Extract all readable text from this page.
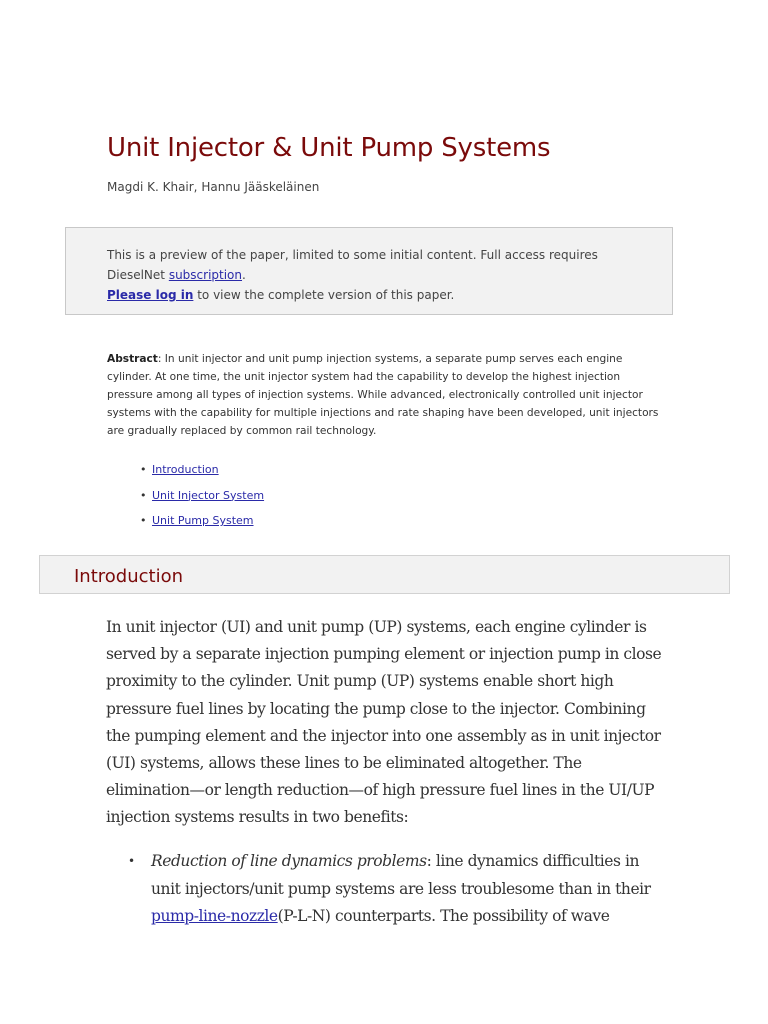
Unit Injector & Unit Pump Systems
Magdi K. Khair, Hannu Jääskeläinen
This is a preview of the paper, limited to some initial content. Full access requires
DieselNet subscription.
Please log in to view the complete version of this paper.

Abstract: In unit injector and unit pump injection systems, a separate pump serves each engine cylinder. At one time, the unit injector system had the capability to develop the highest injection pressure among all types of injection systems. While advanced, electronically controlled unit injector systems with the capability for multiple injections and rate shaping have been developed, unit injectors are gradually replaced by common rail technology.

• Introduction
• Unit Injector System
• Unit Pump System
Introduction

In unit injector (UI) and unit pump (UP) systems, each engine cylinder is served by a separate injection pumping element or injection pump in close proximity to the cylinder. Unit pump (UP) systems enable short high pressure fuel lines by locating the pump close to the injector. Combining the pumping element and the injector into one assembly as in unit injector (UI) systems, allows these lines to be eliminated altogether. The elimination—or length reduction—of high pressure fuel lines in the UI/UP injection systems results in two benefits:

• Reduction of line dynamics problems: line dynamics difficulties in unit injectors/unit pump systems are less troublesome than in their pump-line-nozzle(P-L-N) counterparts. The possibility of wave
